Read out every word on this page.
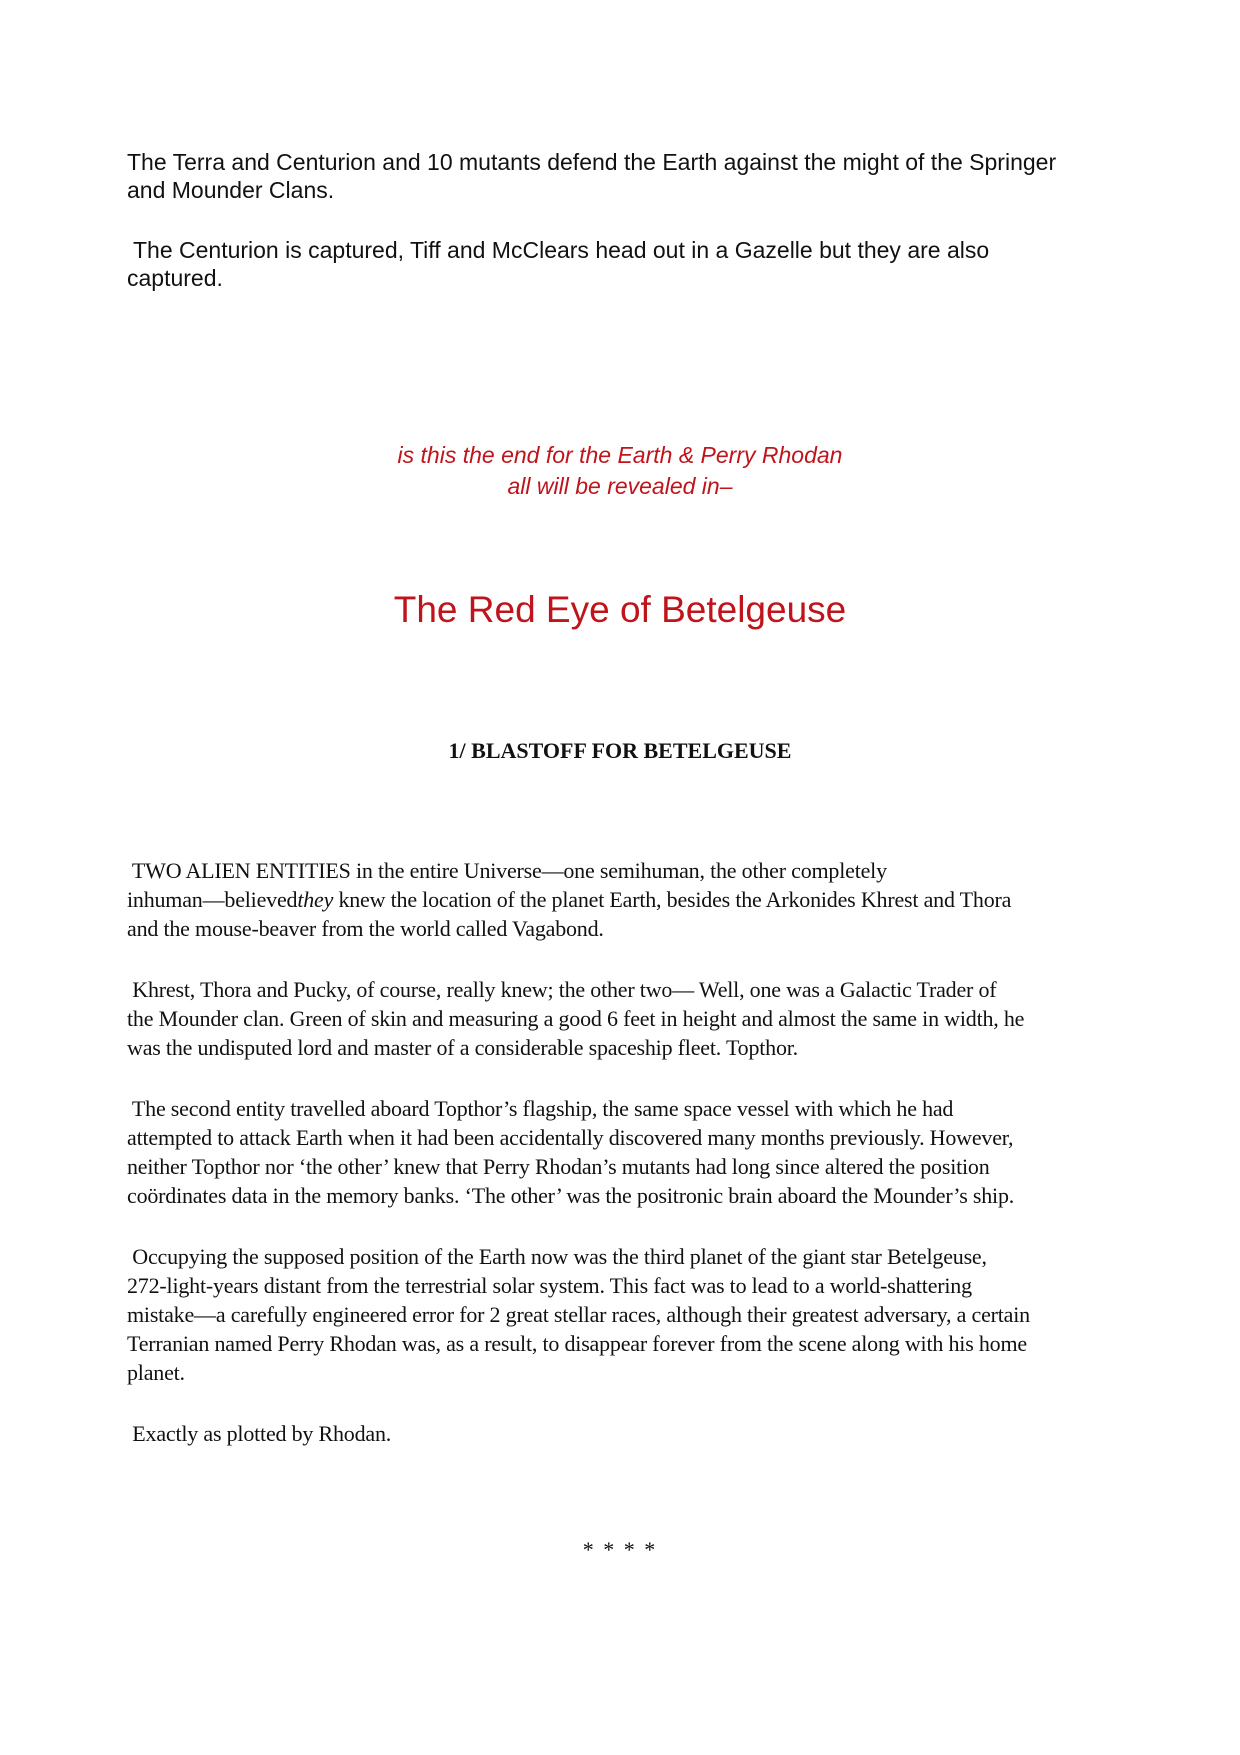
The Terra and Centurion and 10 mutants defend the Earth against the might of the Springer
and Mounder Clans.

The Centurion is captured, Tiff and McClears head out in a Gazelle but they are also
captured.

is this the end for the Earth & Perry Rhodan

all will be revealed in–

The Red Eye of Betelgeuse
1/ BLASTOFF FOR BETELGEUSE

TWO ALIEN ENTITIES in the entire Universe—one semihuman, the other completely
inhuman—believedthey knew the location of the planet Earth, besides the Arkonides Khrest and Thora
and the mouse-beaver from the world called Vagabond.

Khrest, Thora and Pucky, of course, really knew; the other two— Well, one was a Galactic Trader of
the Mounder clan. Green of skin and measuring a good 6 feet in height and almost the same in width, he
was the undisputed lord and master of a considerable spaceship fleet. Topthor.

The second entity travelled aboard Topthor’s flagship, the same space vessel with which he had
attempted to attack Earth when it had been accidentally discovered many months previously. However,
neither Topthor nor ‘the other’ knew that Perry Rhodan’s mutants had long since altered the position
coördinates data in the memory banks. ‘The other’ was the positronic brain aboard the Mounder’s ship.

Occupying the supposed position of the Earth now was the third planet of the giant star Betelgeuse,
272-light-years distant from the terrestrial solar system. This fact was to lead to a world-shattering
mistake—a carefully engineered error for 2 great stellar races, although their greatest adversary, a certain
Terranian named Perry Rhodan was, as a result, to disappear forever from the scene along with his home
planet.

Exactly as plotted by Rhodan.

* * * *
